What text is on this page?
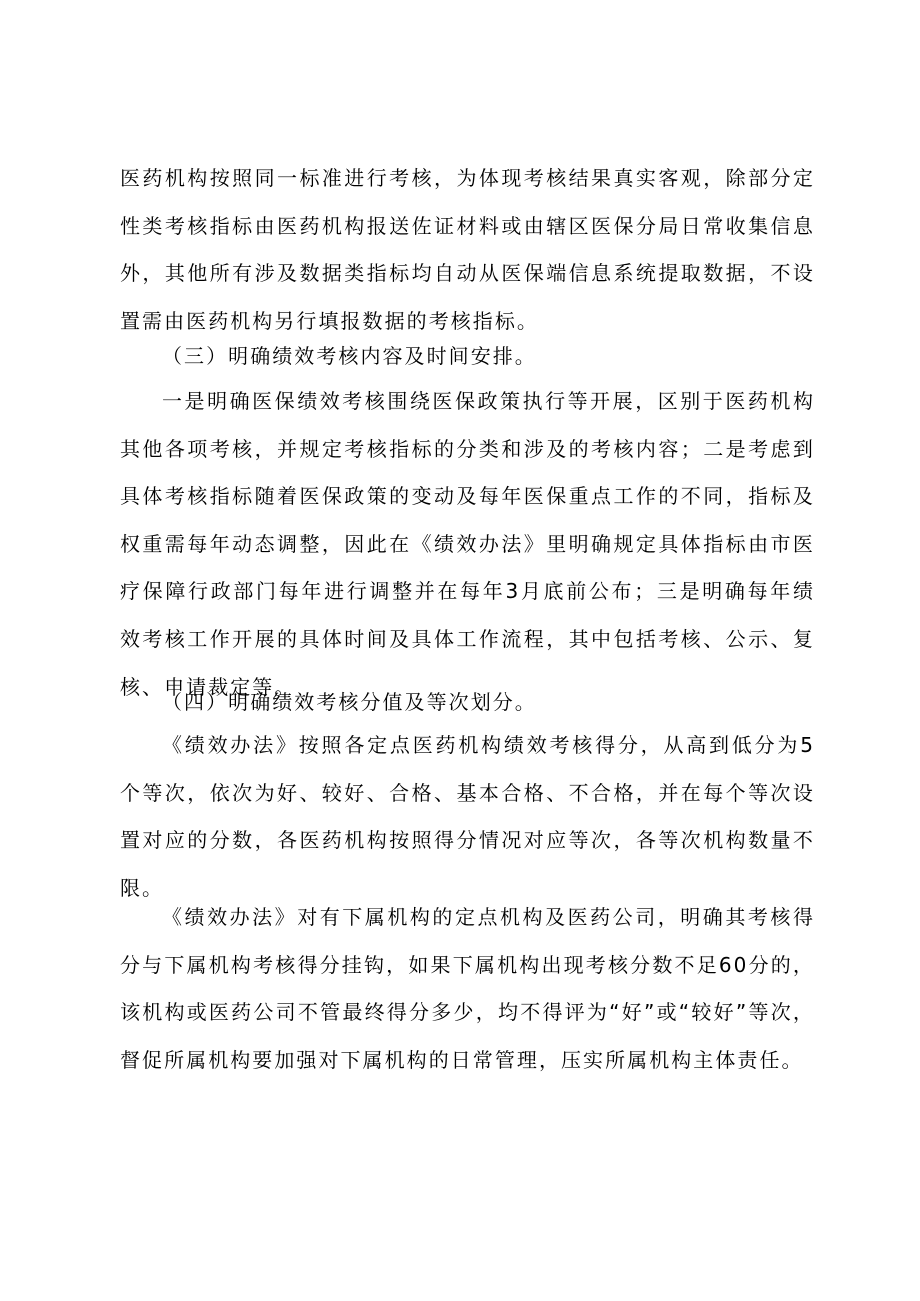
医药机构按照同一标准进行考核，为体现考核结果真实客观，除部分定性类考核指标由医药机构报送佐证材料或由辖区医保分局日常收集信息外，其他所有涉及数据类指标均自动从医保端信息系统提取数据，不设置需由医药机构另行填报数据的考核指标。

（三）明确绩效考核内容及时间安排。

一是明确医保绩效考核围绕医保政策执行等开展，区别于医药机构其他各项考核，并规定考核指标的分类和涉及的考核内容；二是考虑到具体考核指标随着医保政策的变动及每年医保重点工作的不同，指标及权重需每年动态调整，因此在《绩效办法》里明确规定具体指标由市医疗保障行政部门每年进行调整并在每年3月底前公布；三是明确每年绩效考核工作开展的具体时间及具体工作流程，其中包括考核、公示、复核、申请裁定等。

（四）明确绩效考核分值及等次划分。

《绩效办法》按照各定点医药机构绩效考核得分，从高到低分为5个等次，依次为好、较好、合格、基本合格、不合格，并在每个等次设置对应的分数，各医药机构按照得分情况对应等次，各等次机构数量不限。

《绩效办法》对有下属机构的定点机构及医药公司，明确其考核得分与下属机构考核得分挂钩，如果下属机构出现考核分数不足60分的，该机构或医药公司不管最终得分多少，均不得评为“好”或“较好”等次，督促所属机构要加强对下属机构的日常管理，压实所属机构主体责任。
